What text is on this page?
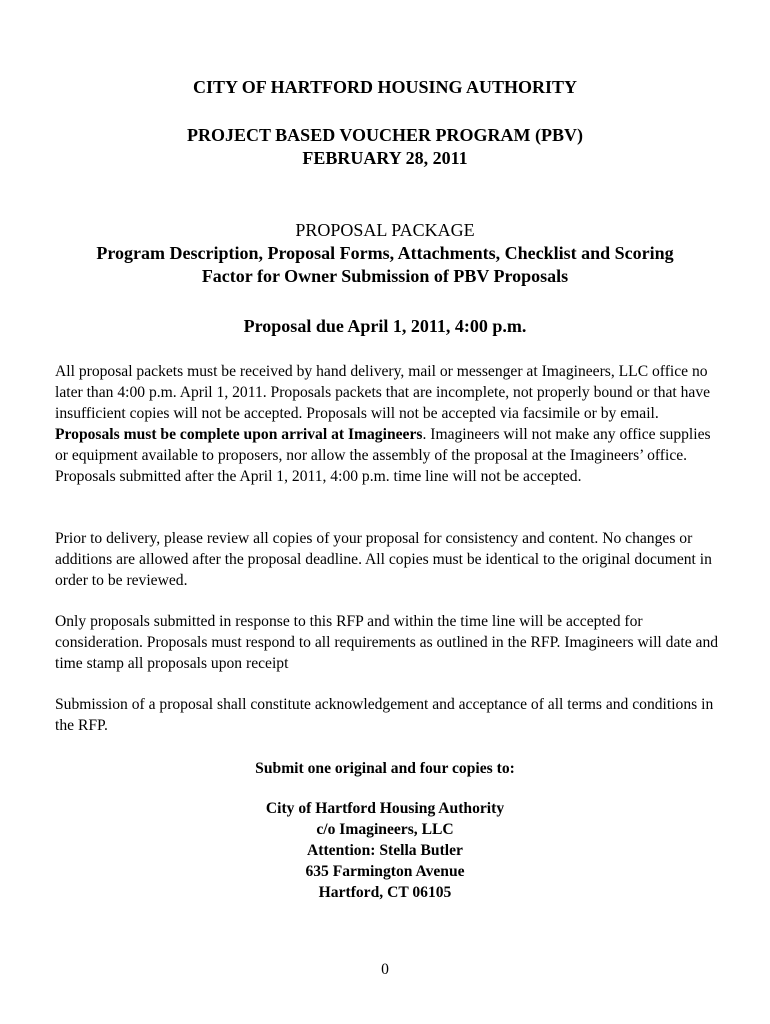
CITY OF HARTFORD HOUSING AUTHORITY
PROJECT BASED VOUCHER PROGRAM (PBV)
FEBRUARY 28, 2011
PROPOSAL PACKAGE
Program Description, Proposal Forms, Attachments, Checklist and Scoring
Factor for Owner Submission of PBV Proposals
Proposal due April 1, 2011, 4:00 p.m.

All proposal packets must be received by hand delivery, mail or messenger at Imagineers, LLC office no later than 4:00 p.m. April 1, 2011. Proposals packets that are incomplete, not properly bound or that have insufficient copies will not be accepted. Proposals will not be accepted via facsimile or by email. Proposals must be complete upon arrival at Imagineers. Imagineers will not make any office supplies or equipment available to proposers, nor allow the assembly of the proposal at the Imagineers’ office. Proposals submitted after the April 1, 2011, 4:00 p.m. time line will not be accepted.

Prior to delivery, please review all copies of your proposal for consistency and content. No changes or additions are allowed after the proposal deadline. All copies must be identical to the original document in order to be reviewed.

Only proposals submitted in response to this RFP and within the time line will be accepted for consideration. Proposals must respond to all requirements as outlined in the RFP. Imagineers will date and time stamp all proposals upon receipt

Submission of a proposal shall constitute acknowledgement and acceptance of all terms and conditions in the RFP.

Submit one original and four copies to:
City of Hartford Housing Authority
c/o Imagineers, LLC
Attention: Stella Butler
635 Farmington Avenue
Hartford, CT 06105
0
